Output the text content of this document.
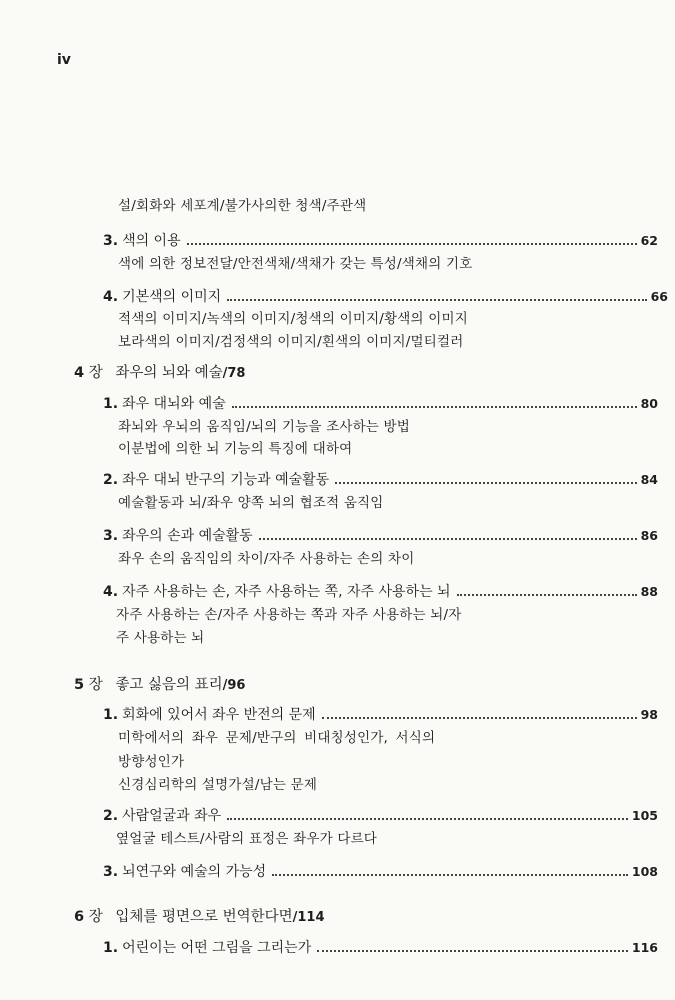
iv
설/회화와 세포계/불가사의한 청색/주관색
3. 색의 이용	62
색에 의한 정보전달/안전색채/색채가 갖는 특성/색채의 기호
4. 기본색의 이미지	66
적색의 이미지/녹색의 이미지/청색의 이미지/황색의 이미지
보라색의 이미지/검정색의 이미지/흰색의 이미지/멀티컬러
4 장 좌우의 뇌와 예술/78
1. 좌우 대뇌와 예술	80
좌뇌와 우뇌의 움직임/뇌의 기능을 조사하는 방법
이분법에 의한 뇌 기능의 특징에 대하여
2. 좌우 대뇌 반구의 기능과 예술활동	84
예술활동과 뇌/좌우 양쪽 뇌의 협조적 움직임
3. 좌우의 손과 예술활동	86
좌우 손의 움직임의 차이/자주 사용하는 손의 차이
4. 자주 사용하는 손, 자주 사용하는 쪽, 자주 사용하는 뇌	88
자주 사용하는 손/자주 사용하는 쪽과 자주 사용하는 뇌/자
주 사용하는 뇌
5 장 좋고 싫음의 표리/96
1. 회화에 있어서 좌우 반전의 문제	98
미학에서의 좌우 문제/반구의 비대칭성인가, 서식의
방향성인가
신경심리학의 설명가설/남는 문제
2. 사람얼굴과 좌우	105
옆얼굴 테스트/사람의 표정은 좌우가 다르다
3. 뇌연구와 예술의 가능성	108
6 장 입체를 평면으로 번역한다면/114
1. 어린이는 어떤 그림을 그리는가	116
